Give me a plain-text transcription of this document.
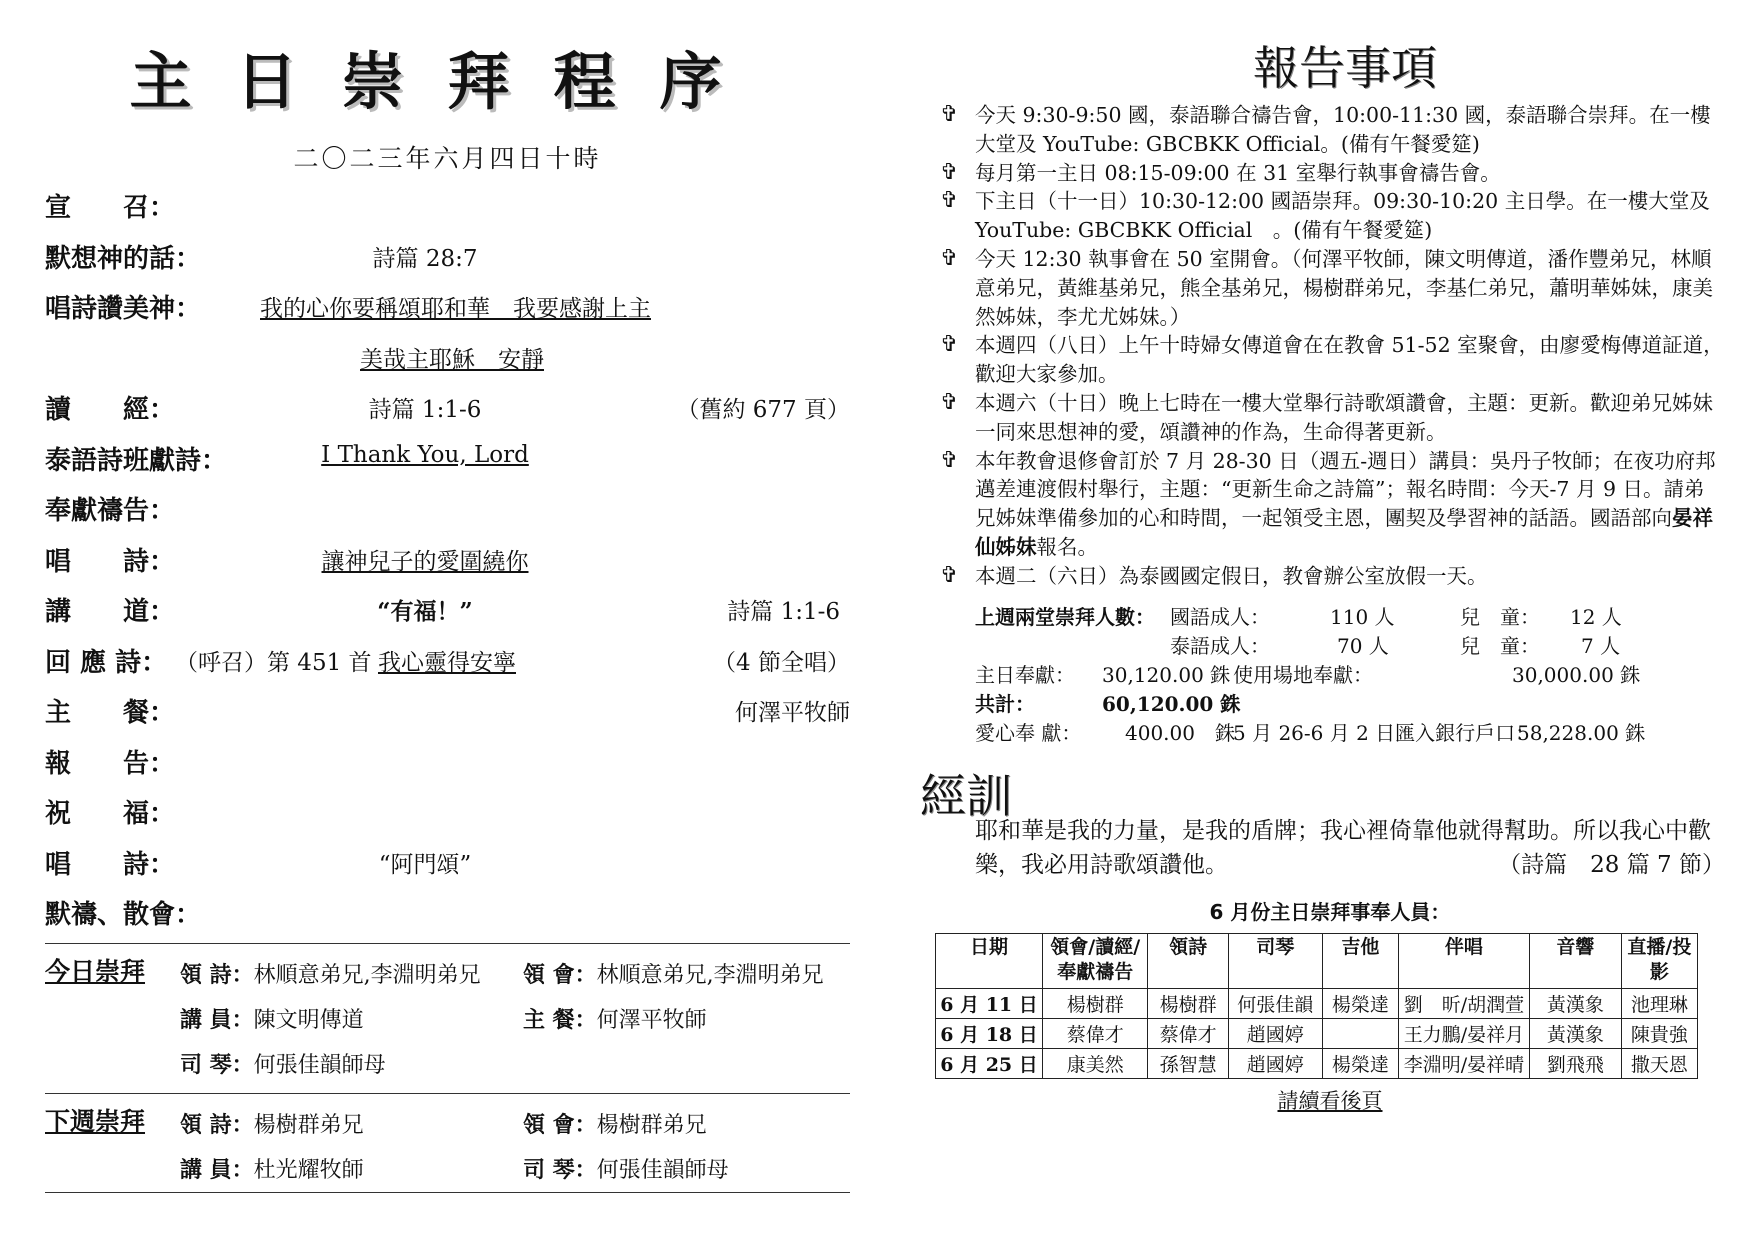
主日崇拜程序
二〇二三年六月四日十時
宣　　召：
默想神的話：	詩篇 28:7
唱詩讚美神：	我的心你要稱頌耶和華　我要感謝上主
美哉主耶穌　安靜
讀　　經：	詩篇 1:1-6	（舊約 677 頁）
泰語詩班獻詩：	I Thank You, Lord
奉獻禱告：
唱　　詩：	讓神兒子的愛圍繞你
講　　道：	“有福！”	詩篇 1:1-6
回 應 詩： （呼召）第 451 首 我心靈得安寧	（4 節全唱）
主　　餐：	何澤平牧師
報　　告：
祝　　福：
唱　　詩：	“阿門頌”
默禱、散會：
今日崇拜 領 詩：林順意弟兄,李淵明弟兄 領 會：林順意弟兄,李淵明弟兄
講 員：陳文明傳道	主 餐：何澤平牧師
司 琴：何張佳韻師母
下週崇拜 領 詩：楊樹群弟兄	領 會：楊樹群弟兄
講 員：杜光耀牧師	司 琴：何張佳韻師母
報告事項
✞ 今天 9:30-9:50 國，泰語聯合禱告會，10:00-11:30 國，泰語聯合崇拜。在一樓大堂及 YouTube: GBCBKK Official。(備有午餐愛筵)
✞ 每月第一主日 08:15-09:00 在 31 室舉行執事會禱告會。
✞ 下主日（十一日）10:30-12:00 國語崇拜。09:30-10:20 主日學。在一樓大堂及 YouTube: GBCBKK Official　。(備有午餐愛筵)
✞ 今天 12:30 執事會在 50 室開會。（何澤平牧師，陳文明傳道，潘作豐弟兄，林順意弟兄，黃維基弟兄，熊全基弟兄，楊樹群弟兄，李基仁弟兄，蕭明華姊妹，康美然姊妹，李尤尤姊妹。）
✞ 本週四（八日）上午十時婦女傳道會在在教會 51-52 室聚會，由廖愛梅傳道証道，歡迎大家參加。
✞ 本週六（十日）晚上七時在一樓大堂舉行詩歌頌讚會，主題：更新。歡迎弟兄姊妹一同來思想神的愛，頌讚神的作為，生命得著更新。
✞ 本年教會退修會訂於 7 月 28-30 日（週五-週日）講員：吳丹子牧師；在夜功府邦邁差連渡假村舉行，主題：“更新生命之詩篇”；報名時間：今天-7 月 9 日。請弟兄姊妹準備參加的心和時間，一起領受主恩，團契及學習神的話語。國語部向晏祥仙姊妹報名。
✞ 本週二（六日）為泰國國定假日，教會辦公室放假一天。
上週兩堂崇拜人數： 國語成人：	110 人	兒　童： 12 人
泰語成人：	70 人	兒　童： 7 人
主日奉獻： 30,120.00 銖 使用場地奉獻：	30,000.00 銖
共計：	60,120.00 銖
愛心奉 獻： 400.00　銖
5 月 26-6 月 2 日匯入銀行戶口：
58,228.00 銖
經訓
耶和華是我的力量，是我的盾牌；我心裡倚靠他就得幫助。所以我心中歡樂，我必用詩歌頌讚他。	（詩篇　28 篇 7 節）
6 月份主日崇拜事奉人員：
日期	領會/讀經/奉獻禱告	領詩	司琴	吉他	伴唱	音響	直播/投影
6 月 11 日	楊樹群	楊樹群	何張佳韻	楊榮達	劉　昕/胡潤萱	黃漢象	池理琳
6 月 18 日	蔡偉才	蔡偉才	趙國婷		王力鵬/晏祥月	黃漢象	陳貴強
6 月 25 日	康美然	孫智慧	趙國婷	楊榮達	李淵明/晏祥晴	劉飛飛	撒天恩
請續看後頁
